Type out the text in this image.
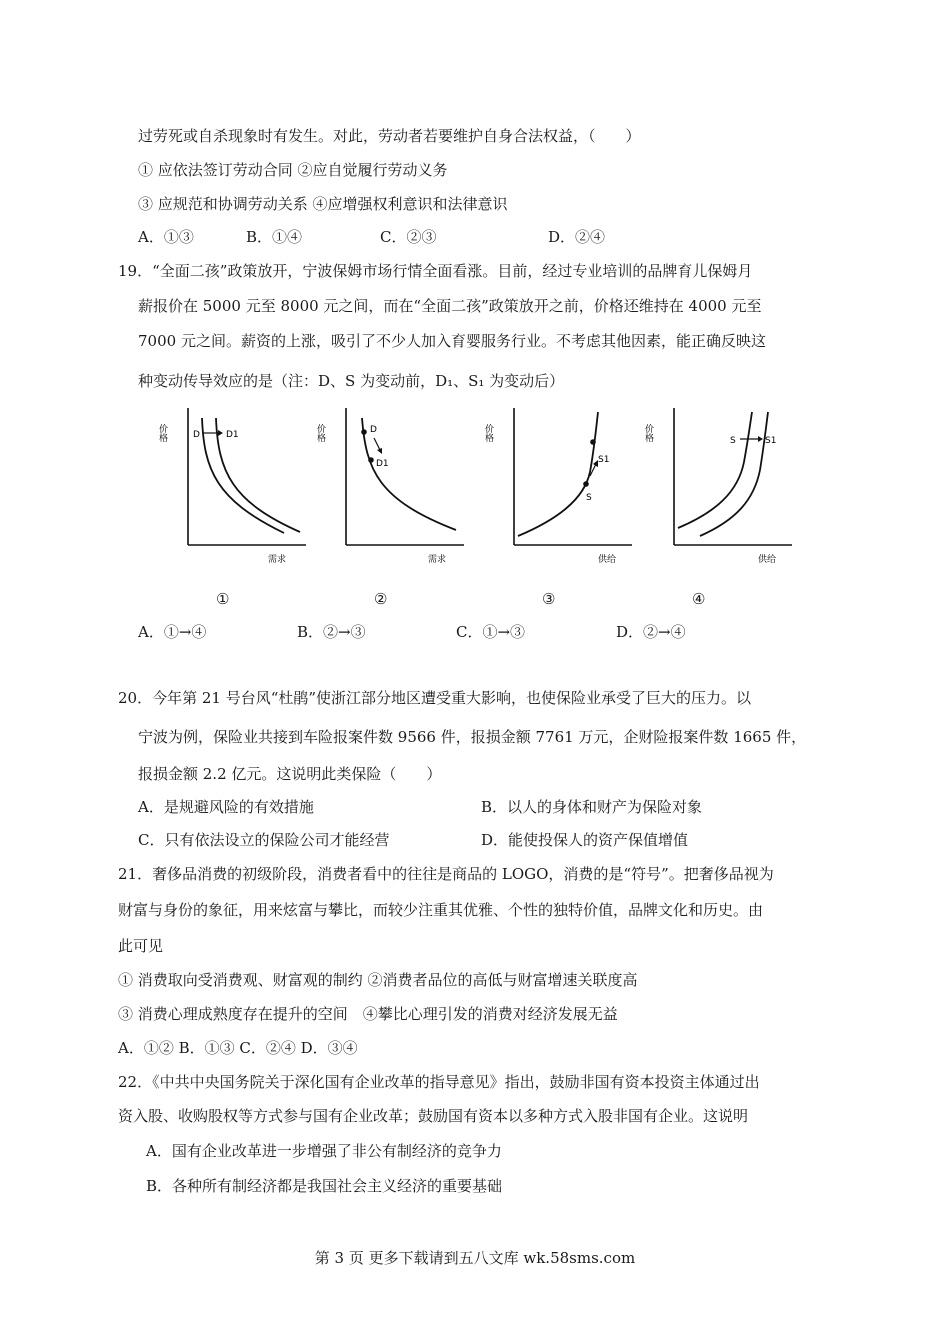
过劳死或自杀现象时有发生。对此，劳动者若要维护自身合法权益，（　　）
① 应依法签订劳动合同 ②应自觉履行劳动义务
③ 应规范和协调劳动关系 ④应增强权利意识和法律意识
A．①③	B．①④	C．②③	D．②④
19．“全面二孩”政策放开，宁波保姆市场行情全面看涨。目前，经过专业培训的品牌育儿保姆月
薪报价在 5000 元至 8000 元之间，而在“全面二孩”政策放开之前，价格还维持在 4000 元至
7000 元之间。薪资的上涨，吸引了不少人加入育婴服务行业。不考虑其他因素，能正确反映这
种变动传导效应的是（注：D、S 为变动前，D₁、S₁ 为变动后）
价格
需求
D	D1
①
价格
需求
D
D1
②
价格
供给
S1
S
③
价格
供给
S	S1
④
A．①→④	B．②→③	C．①→③	D．②→④
20．今年第 21 号台风“杜鹃”使浙江部分地区遭受重大影响，也使保险业承受了巨大的压力。以
宁波为例，保险业共接到车险报案件数 9566 件，报损金额 7761 万元，企财险报案件数 1665 件，
报损金额 2.2 亿元。这说明此类保险（　　）
A．是规避风险的有效措施	B．以人的身体和财产为保险对象
C．只有依法设立的保险公司才能经营	D．能使投保人的资产保值增值
21．奢侈品消费的初级阶段，消费者看中的往往是商品的 LOGO，消费的是“符号”。把奢侈品视为
财富与身份的象征，用来炫富与攀比，而较少注重其优雅、个性的独特价值，品牌文化和历史。由
此可见
① 消费取向受消费观、财富观的制约 ②消费者品位的高低与财富增速关联度高
③ 消费心理成熟度存在提升的空间　④攀比心理引发的消费对经济发展无益
A．①② B．①③ C．②④ D．③④
22．《中共中央国务院关于深化国有企业改革的指导意见》指出，鼓励非国有资本投资主体通过出
资入股、收购股权等方式参与国有企业改革；鼓励国有资本以多种方式入股非国有企业。这说明
A．国有企业改革进一步增强了非公有制经济的竞争力
B．各种所有制经济都是我国社会主义经济的重要基础
第 3 页 更多下载请到五八文库 wk.58sms.com
